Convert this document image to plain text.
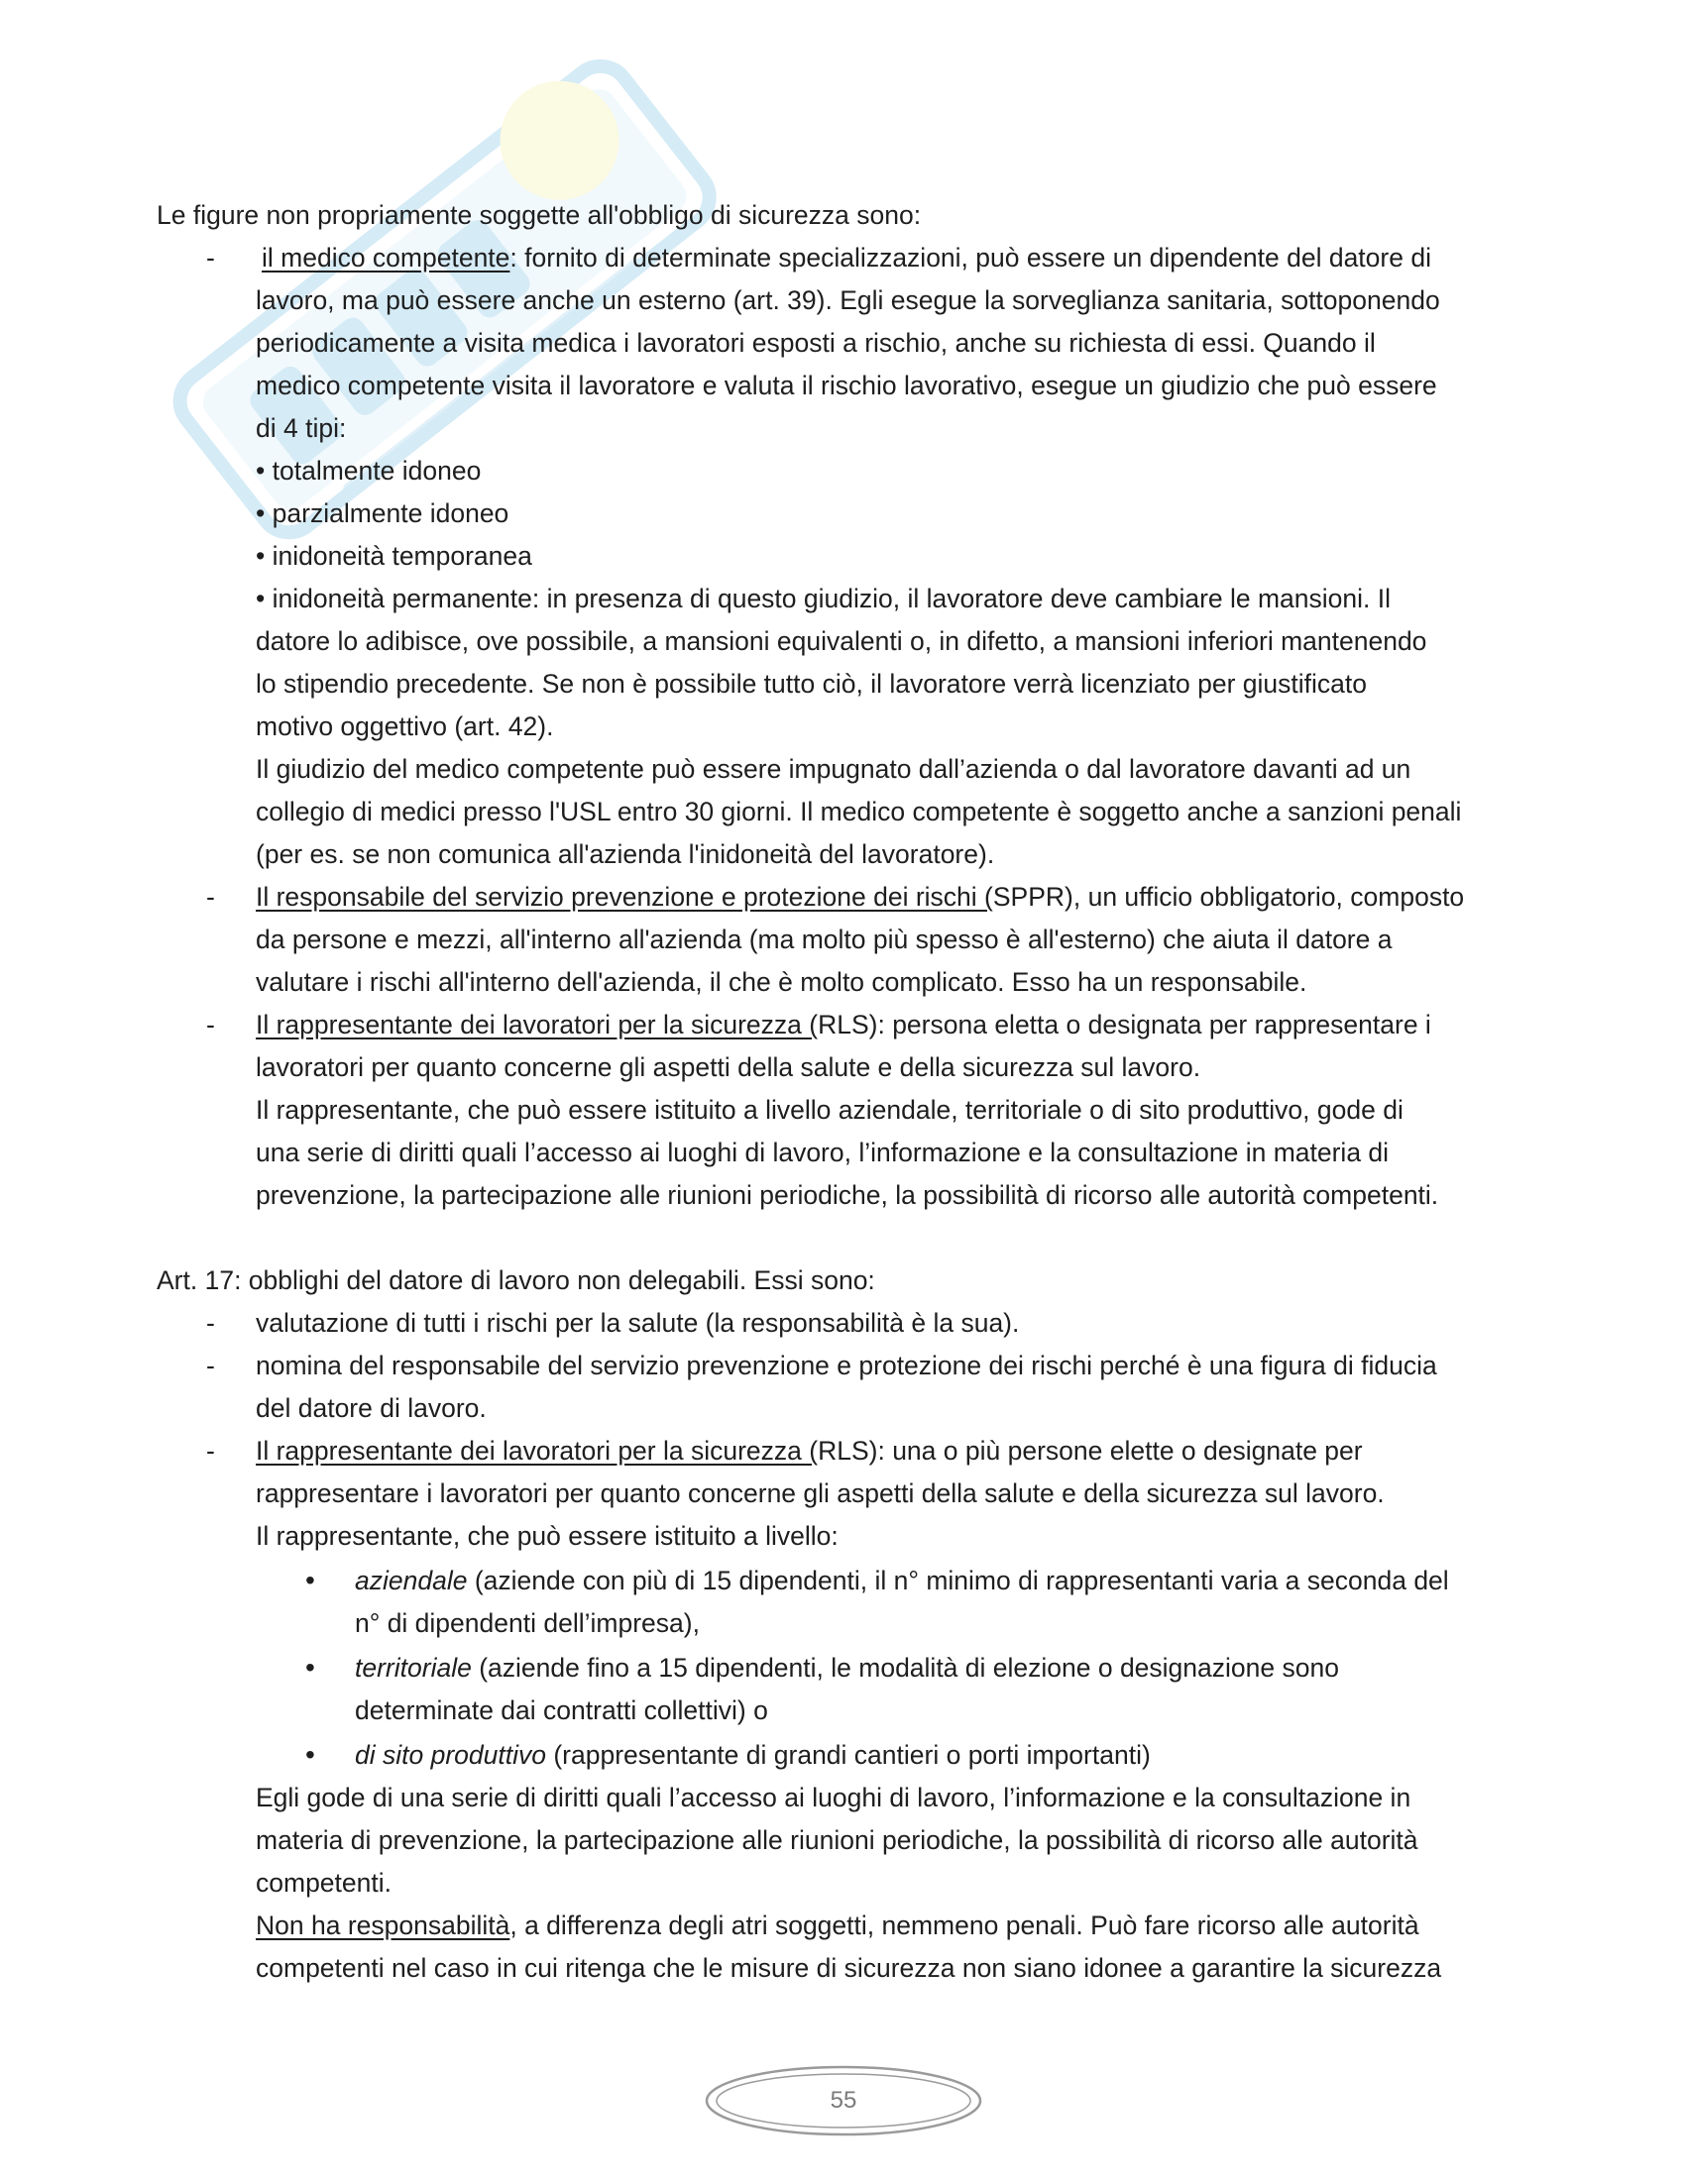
Le figure non propriamente soggette all'obbligo di sicurezza sono:
- il medico competente: fornito di determinate specializzazioni, può essere un dipendente del datore di
lavoro, ma può essere anche un esterno (art. 39). Egli esegue la sorveglianza sanitaria, sottoponendo
periodicamente a visita medica i lavoratori esposti a rischio, anche su richiesta di essi. Quando il
medico competente visita il lavoratore e valuta il rischio lavorativo, esegue un giudizio che può essere
di 4 tipi:
• totalmente idoneo
• parzialmente idoneo
• inidoneità temporanea
• inidoneità permanente: in presenza di questo giudizio, il lavoratore deve cambiare le mansioni. Il
datore lo adibisce, ove possibile, a mansioni equivalenti o, in difetto, a mansioni inferiori mantenendo
lo stipendio precedente. Se non è possibile tutto ciò, il lavoratore verrà licenziato per giustificato
motivo oggettivo (art. 42).
Il giudizio del medico competente può essere impugnato dall’azienda o dal lavoratore davanti ad un
collegio di medici presso l'USL entro 30 giorni. Il medico competente è soggetto anche a sanzioni penali
(per es. se non comunica all'azienda l'inidoneità del lavoratore).
- Il responsabile del servizio prevenzione e protezione dei rischi (SPPR), un ufficio obbligatorio, composto
da persone e mezzi, all'interno all'azienda (ma molto più spesso è all'esterno) che aiuta il datore a
valutare i rischi all'interno dell'azienda, il che è molto complicato. Esso ha un responsabile.
- Il rappresentante dei lavoratori per la sicurezza (RLS): persona eletta o designata per rappresentare i
lavoratori per quanto concerne gli aspetti della salute e della sicurezza sul lavoro.
Il rappresentante, che può essere istituito a livello aziendale, territoriale o di sito produttivo, gode di
una serie di diritti quali l’accesso ai luoghi di lavoro, l’informazione e la consultazione in materia di
prevenzione, la partecipazione alle riunioni periodiche, la possibilità di ricorso alle autorità competenti.
Art. 17: obblighi del datore di lavoro non delegabili. Essi sono:
- valutazione di tutti i rischi per la salute (la responsabilità è la sua).
- nomina del responsabile del servizio prevenzione e protezione dei rischi perché è una figura di fiducia
del datore di lavoro.
- Il rappresentante dei lavoratori per la sicurezza (RLS): una o più persone elette o designate per
rappresentare i lavoratori per quanto concerne gli aspetti della salute e della sicurezza sul lavoro.
Il rappresentante, che può essere istituito a livello:
• aziendale (aziende con più di 15 dipendenti, il n° minimo di rappresentanti varia a seconda del
n° di dipendenti dell’impresa),
• territoriale (aziende fino a 15 dipendenti, le modalità di elezione o designazione sono
determinate dai contratti collettivi) o
• di sito produttivo (rappresentante di grandi cantieri o porti importanti)
Egli gode di una serie di diritti quali l’accesso ai luoghi di lavoro, l’informazione e la consultazione in
materia di prevenzione, la partecipazione alle riunioni periodiche, la possibilità di ricorso alle autorità
competenti.
Non ha responsabilità, a differenza degli atri soggetti, nemmeno penali. Può fare ricorso alle autorità
competenti nel caso in cui ritenga che le misure di sicurezza non siano idonee a garantire la sicurezza

55
